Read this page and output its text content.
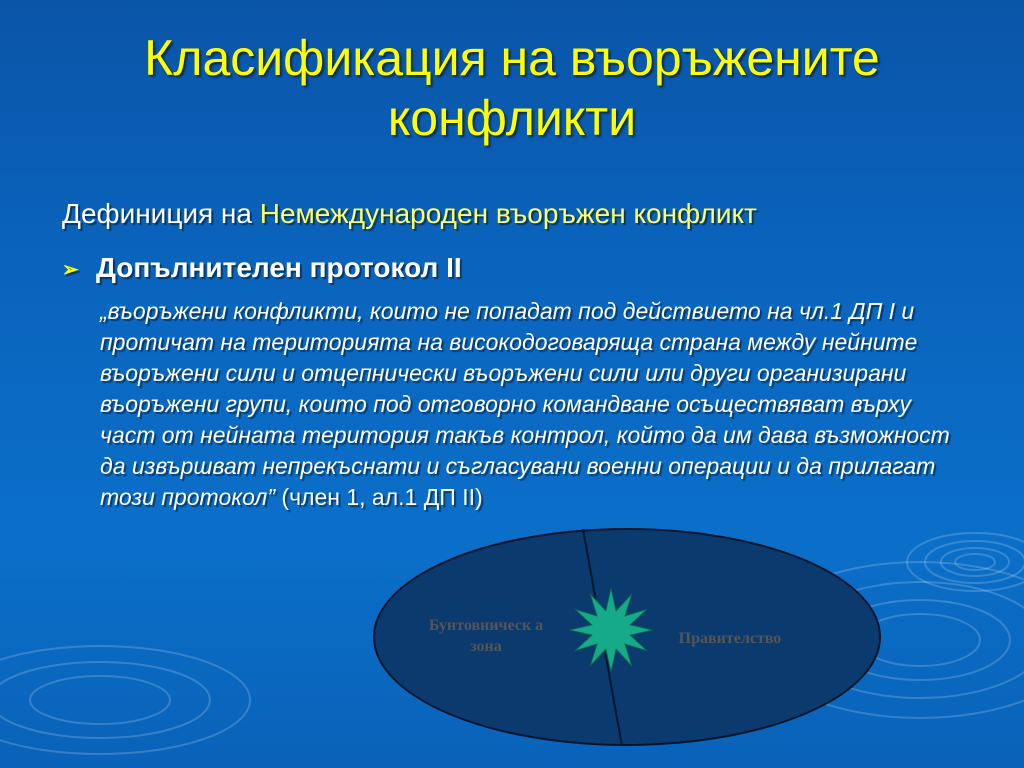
Класификация на въоръжените конфликти
Дефиниция на Немеждународен въоръжен конфликт
➢ Допълнителен протокол II
„въоръжени конфликти, които не попадат под действието на чл.1 ДП I и протичат на територията на високодоговаряща страна между нейните въоръжени сили и отцепнически въоръжени сили или други организирани въоръжени групи, които под отговорно командване осъществяват върху част от нейната територия такъв контрол, който да им дава възможност да извършват непрекъснати и съгласувани военни операции и да прилагат този протокол” (член 1, ал.1 ДП II)
Бунтовническ а зона	Правителство
